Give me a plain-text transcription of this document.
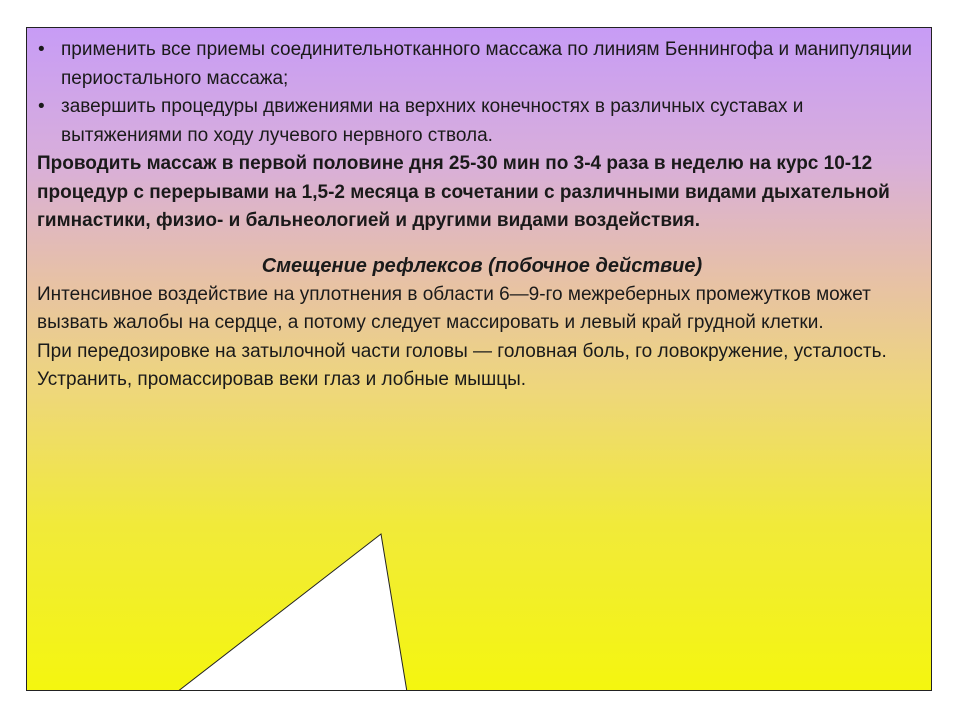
• применить все приемы соединительнотканного массажа по линиям Беннингофа и манипуляции периостального массажа;
• завершить процедуры движениями на верхних конечностях в различных суставах и вытяжениями по ходу лучевого нервного ствола.

Проводить массаж в первой половине дня 25-30 мин по 3-4 раза в неделю на курс 10-12 процедур с перерывами на 1,5-2 месяца в сочетании с различными видами дыхательной гимнастики, физио- и бальнеологией и другими видами воздействия.

Смещение рефлексов (побочное действие)

Интенсивное воздействие на уплотнения в области 6—9-го межреберных промежутков может вызвать жалобы на сердце, а потому следует массировать и левый край грудной клетки.

При передозировке на затылочной части головы — головная боль, го ловокружение, усталость. Устранить, промассировав веки глаз и лобные мышцы.
